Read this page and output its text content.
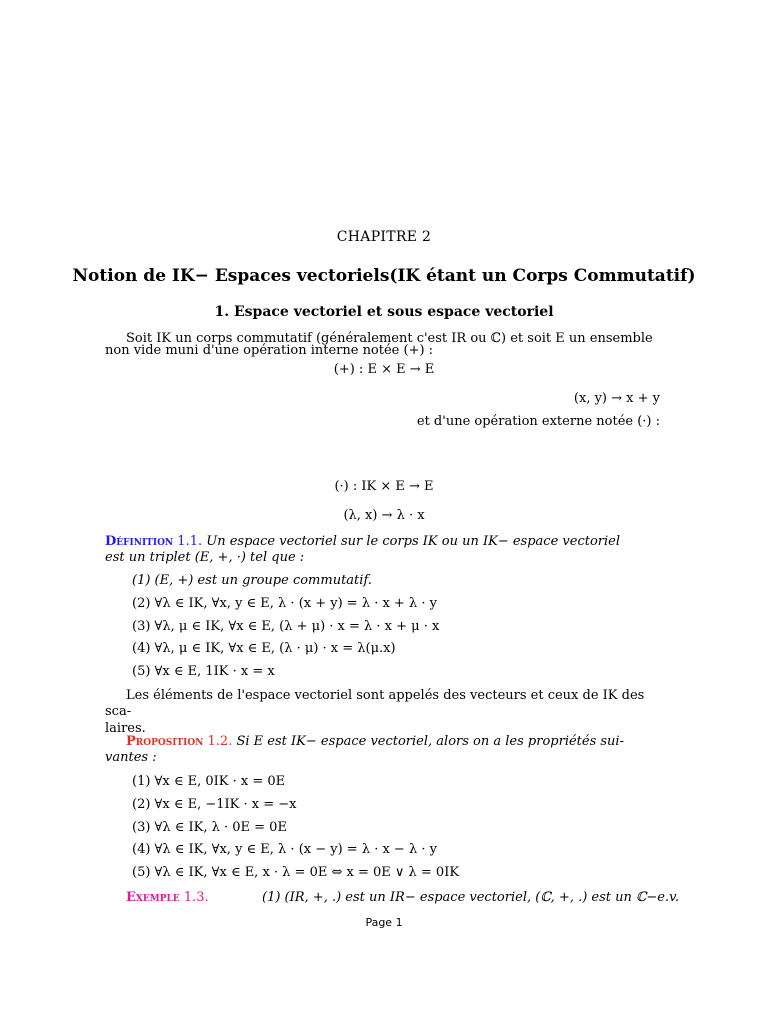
CHAPITRE 2
Notion de IK− Espaces vectoriels(IK étant un Corps Commutatif)
1. Espace vectoriel et sous espace vectoriel
Soit IK un corps commutatif (généralement c'est IR ou ℂ) et soit E un ensemble
non vide muni d'une opération interne notée (+) :
(+) : E × E → E
(x, y) → x + y
et d'une opération externe notée (·) :
(·) : IK × E → E
(λ, x) → λ · x
Définition 1.1. Un espace vectoriel sur le corps IK ou un IK− espace vectoriel
est un triplet (E, +, ·) tel que :
(1) (E, +) est un groupe commutatif.
(2) ∀λ ∈ IK, ∀x, y ∈ E, λ · (x + y) = λ · x + λ · y
(3) ∀λ, μ ∈ IK, ∀x ∈ E, (λ + μ) · x = λ · x + μ · x
(4) ∀λ, μ ∈ IK, ∀x ∈ E, (λ · μ) · x = λ(μ.x)
(5) ∀x ∈ E, 1IK · x = x
Les éléments de l'espace vectoriel sont appelés des vecteurs et ceux de IK des sca-
laires.
Proposition 1.2. Si E est IK− espace vectoriel, alors on a les propriétés sui-
vantes :
(1) ∀x ∈ E, 0IK · x = 0E
(2) ∀x ∈ E, −1IK · x = −x
(3) ∀λ ∈ IK, λ · 0E = 0E
(4) ∀λ ∈ IK, ∀x, y ∈ E, λ · (x − y) = λ · x − λ · y
(5) ∀λ ∈ IK, ∀x ∈ E, x · λ = 0E ⇔ x = 0E ∨ λ = 0IK
Exemple 1.3.	(1) (IR, +, .) est un IR− espace vectoriel, (ℂ, +, .) est un ℂ−e.v.
Page 1
